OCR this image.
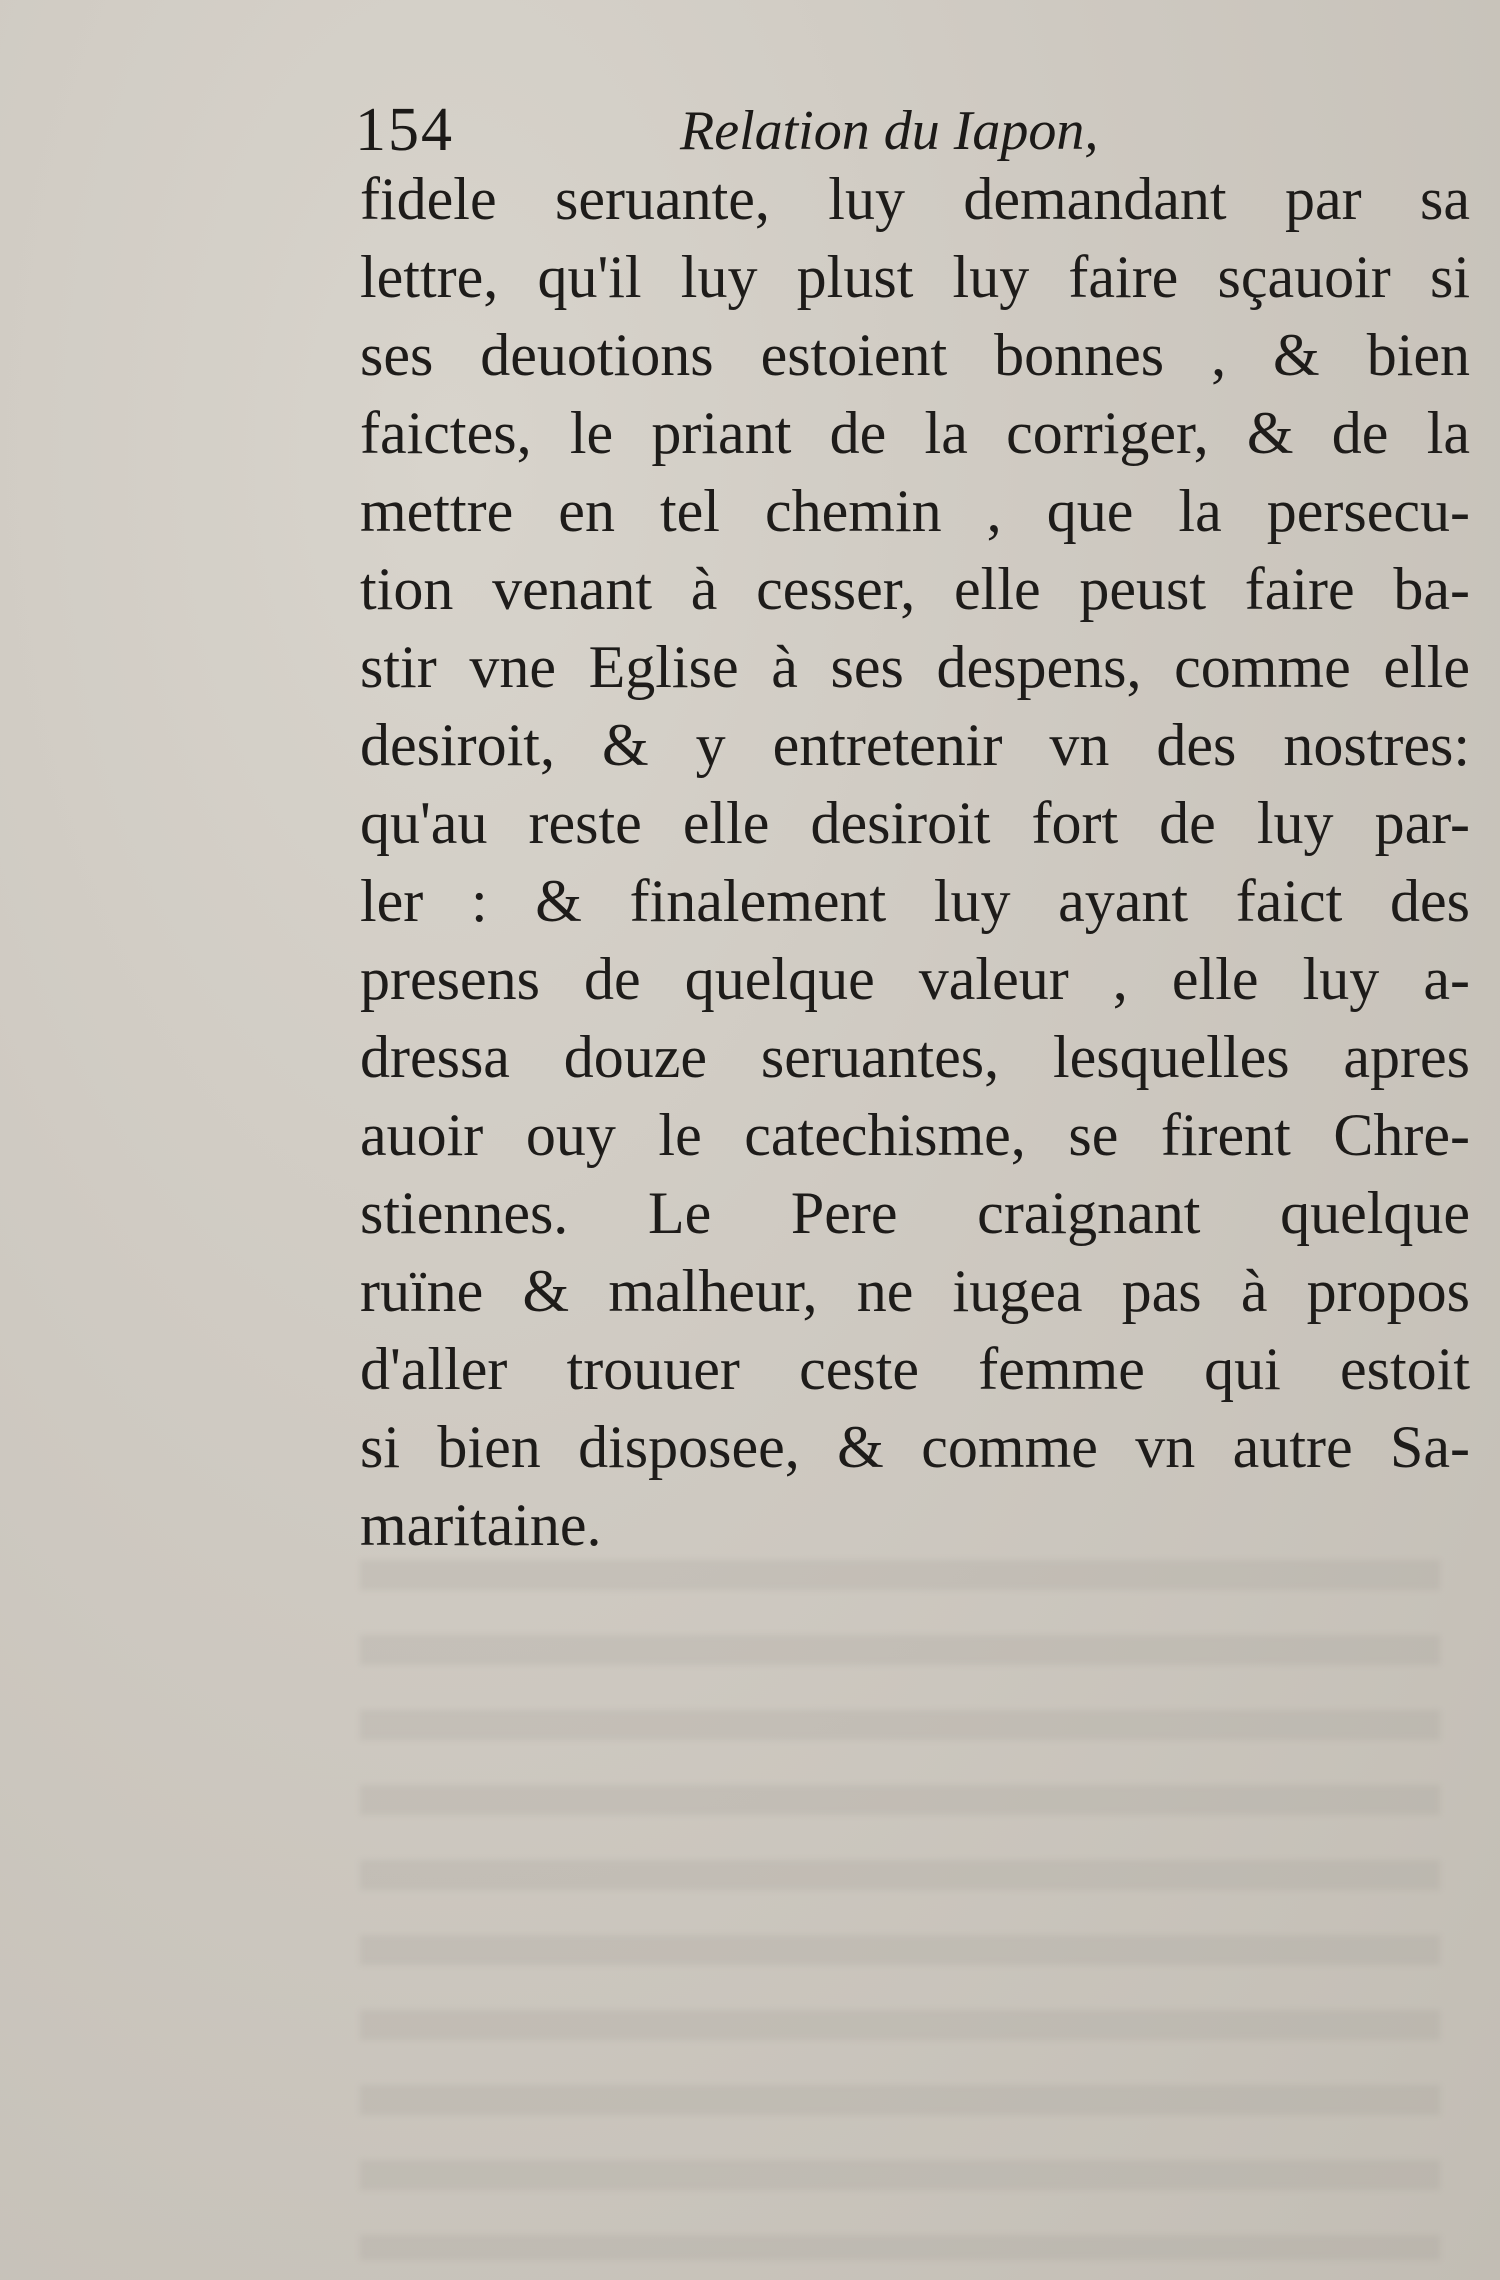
154	Relation du Iapon,
fidele seruante, luy demandant par sa
lettre, qu'il luy plust luy faire sçauoir si
ses deuotions estoient bonnes , & bien
faictes, le priant de la corriger, & de la
mettre en tel chemin , que la persecu-
tion venant à cesser, elle peust faire ba-
stir vne Eglise à ses despens, comme elle
desiroit, & y entretenir vn des nostres:
qu'au reste elle desiroit fort de luy par-
ler : & finalement luy ayant faict des
presens de quelque valeur , elle luy a-
dressa douze seruantes, lesquelles apres
auoir ouy le catechisme, se firent Chre-
stiennes. Le Pere craignant quelque
ruïne & malheur, ne iugea pas à propos
d'aller trouuer ceste femme qui estoit
si bien disposee, & comme vn autre Sa-
maritaine.
